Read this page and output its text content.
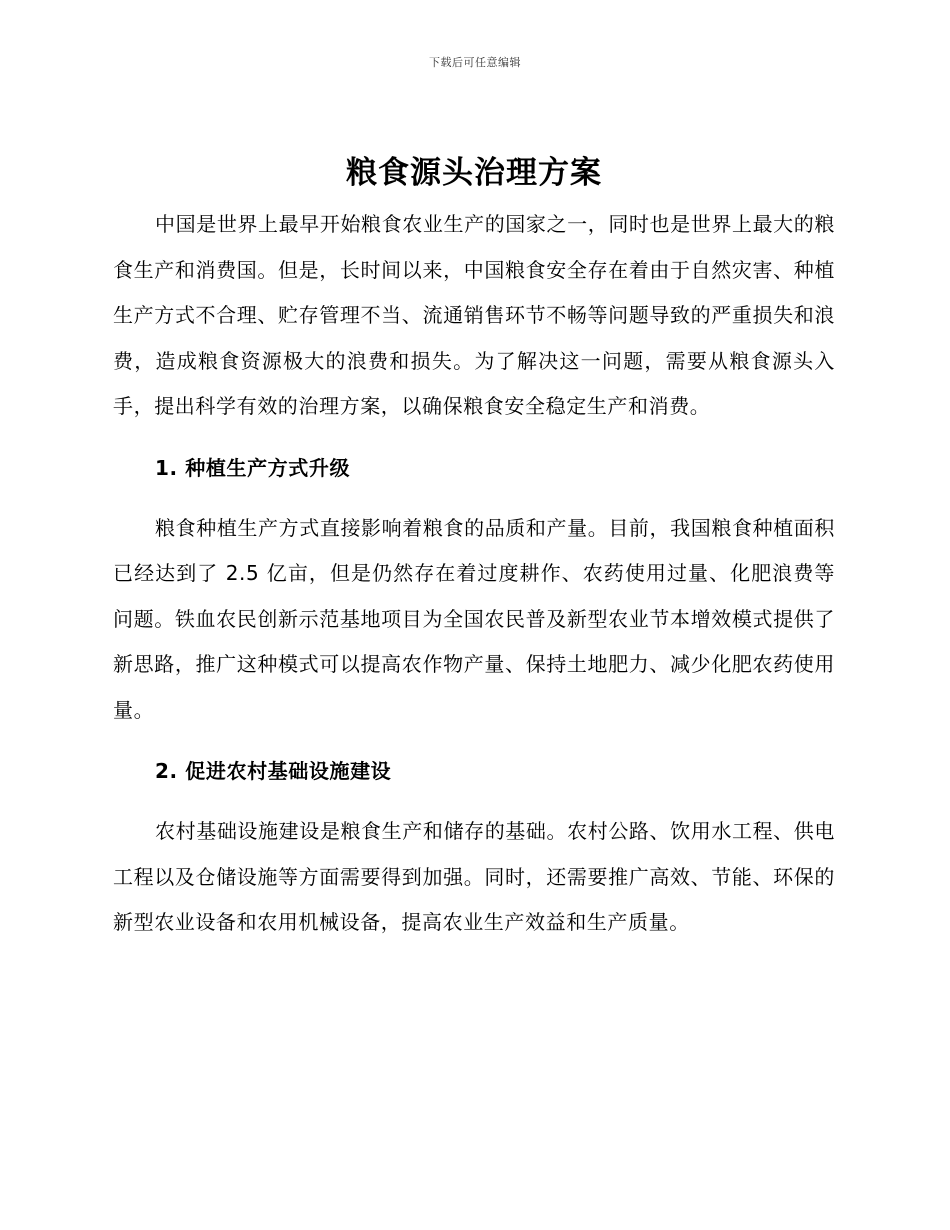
下载后可任意编辑
粮食源头治理方案

中国是世界上最早开始粮食农业生产的国家之一，同时也是世界上最大的粮食生产和消费国。但是，长时间以来，中国粮食安全存在着由于自然灾害、种植生产方式不合理、贮存管理不当、流通销售环节不畅等问题导致的严重损失和浪费，造成粮食资源极大的浪费和损失。为了解决这一问题，需要从粮食源头入手，提出科学有效的治理方案，以确保粮食安全稳定生产和消费。

1. 种植生产方式升级

粮食种植生产方式直接影响着粮食的品质和产量。目前，我国粮食种植面积已经达到了 2.5 亿亩，但是仍然存在着过度耕作、农药使用过量、化肥浪费等问题。铁血农民创新示范基地项目为全国农民普及新型农业节本增效模式提供了新思路，推广这种模式可以提高农作物产量、保持土地肥力、减少化肥农药使用量。

2. 促进农村基础设施建设

农村基础设施建设是粮食生产和储存的基础。农村公路、饮用水工程、供电工程以及仓储设施等方面需要得到加强。同时，还需要推广高效、节能、环保的新型农业设备和农用机械设备，提高农业生产效益和生产质量。
